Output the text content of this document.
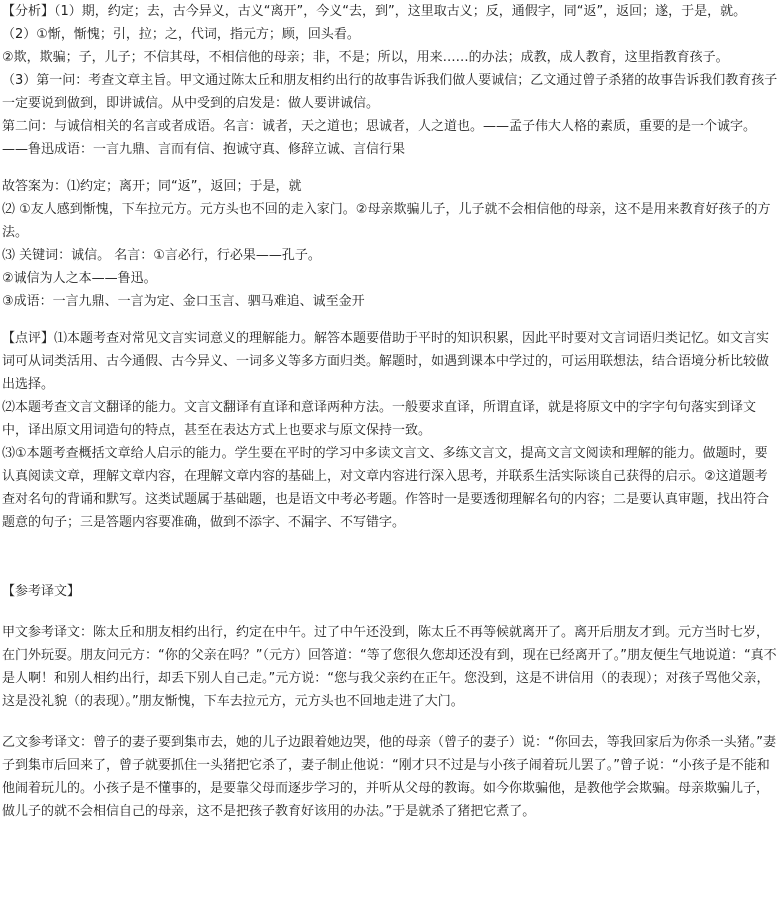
【分析】（1）期，约定；去，古今异义，古义“离开”，今义“去，到”，这里取古义；反，通假字，同“返”，返回；遂，于是，就。

（2）①惭，惭愧；引，拉；之，代词，指元方；顾，回头看。

②欺，欺骗；子，儿子；不信其母，不相信他的母亲；非，不是；所以，用来……的办法；成教，成人教育，这里指教育孩子。

（3）第一问：考查文章主旨。甲文通过陈太丘和朋友相约出行的故事告诉我们做人要诚信；乙文通过曾子杀猪的故事告诉我们教育孩子一定要说到做到，即讲诚信。从中受到的启发是：做人要讲诚信。

第二问：与诚信相关的名言或者成语。名言：诚者，天之道也；思诚者，人之道也。——孟子伟大人格的素质，重要的是一个诚字。——鲁迅成语：一言九鼎、言而有信、抱诚守真、修辞立诚、言信行果

故答案为：⑴约定；离开；同“返”，返回；于是，就

⑵ ①友人感到惭愧，下车拉元方。元方头也不回的走入家门。②母亲欺骗儿子，儿子就不会相信他的母亲，这不是用来教育好孩子的方法。

⑶ 关键词：诚信。 名言：①言必行，行必果——孔子。

②诚信为人之本——鲁迅。

③成语：一言九鼎、一言为定、金口玉言、驷马难追、诚至金开

【点评】⑴本题考查对常见文言实词意义的理解能力。解答本题要借助于平时的知识积累，因此平时要对文言词语归类记忆。如文言实词可从词类活用、古今通假、古今异义、一词多义等多方面归类。解题时，如遇到课本中学过的，可运用联想法，结合语境分析比较做出选择。

⑵本题考查文言文翻译的能力。文言文翻译有直译和意译两种方法。一般要求直译，所谓直译，就是将原文中的字字句句落实到译文中，译出原文用词造句的特点，甚至在表达方式上也要求与原文保持一致。

⑶①本题考查概括文章给人启示的能力。学生要在平时的学习中多读文言文、多练文言文，提高文言文阅读和理解的能力。做题时，要认真阅读文章，理解文章内容，在理解文章内容的基础上，对文章内容进行深入思考，并联系生活实际谈自己获得的启示。②这道题考查对名句的背诵和默写。这类试题属于基础题，也是语文中考必考题。作答时一是要透彻理解名句的内容；二是要认真审题，找出符合题意的句子；三是答题内容要准确，做到不添字、不漏字、不写错字。

【参考译文】

甲文参考译文：陈太丘和朋友相约出行，约定在中午。过了中午还没到，陈太丘不再等候就离开了。离开后朋友才到。元方当时七岁，在门外玩耍。朋友问元方：“你的父亲在吗？”（元方）回答道：“等了您很久您却还没有到，现在已经离开了。”朋友便生气地说道：“真不是人啊！和别人相约出行，却丢下别人自己走。”元方说：“您与我父亲约在正午。您没到，这是不讲信用（的表现）；对孩子骂他父亲，这是没礼貌（的表现）。”朋友惭愧，下车去拉元方，元方头也不回地走进了大门。

乙文参考译文：曾子的妻子要到集市去，她的儿子边跟着她边哭，他的母亲（曾子的妻子）说：“你回去，等我回家后为你杀一头猪。”妻子到集市后回来了，曾子就要抓住一头猪把它杀了，妻子制止他说：“刚才只不过是与小孩子闹着玩儿罢了。”曾子说：“小孩子是不能和他闹着玩儿的。小孩子是不懂事的，是要靠父母而逐步学习的，并听从父母的教诲。如今你欺骗他，是教他学会欺骗。母亲欺骗儿子，做儿子的就不会相信自己的母亲，这不是把孩子教育好该用的办法。”于是就杀了猪把它煮了。
